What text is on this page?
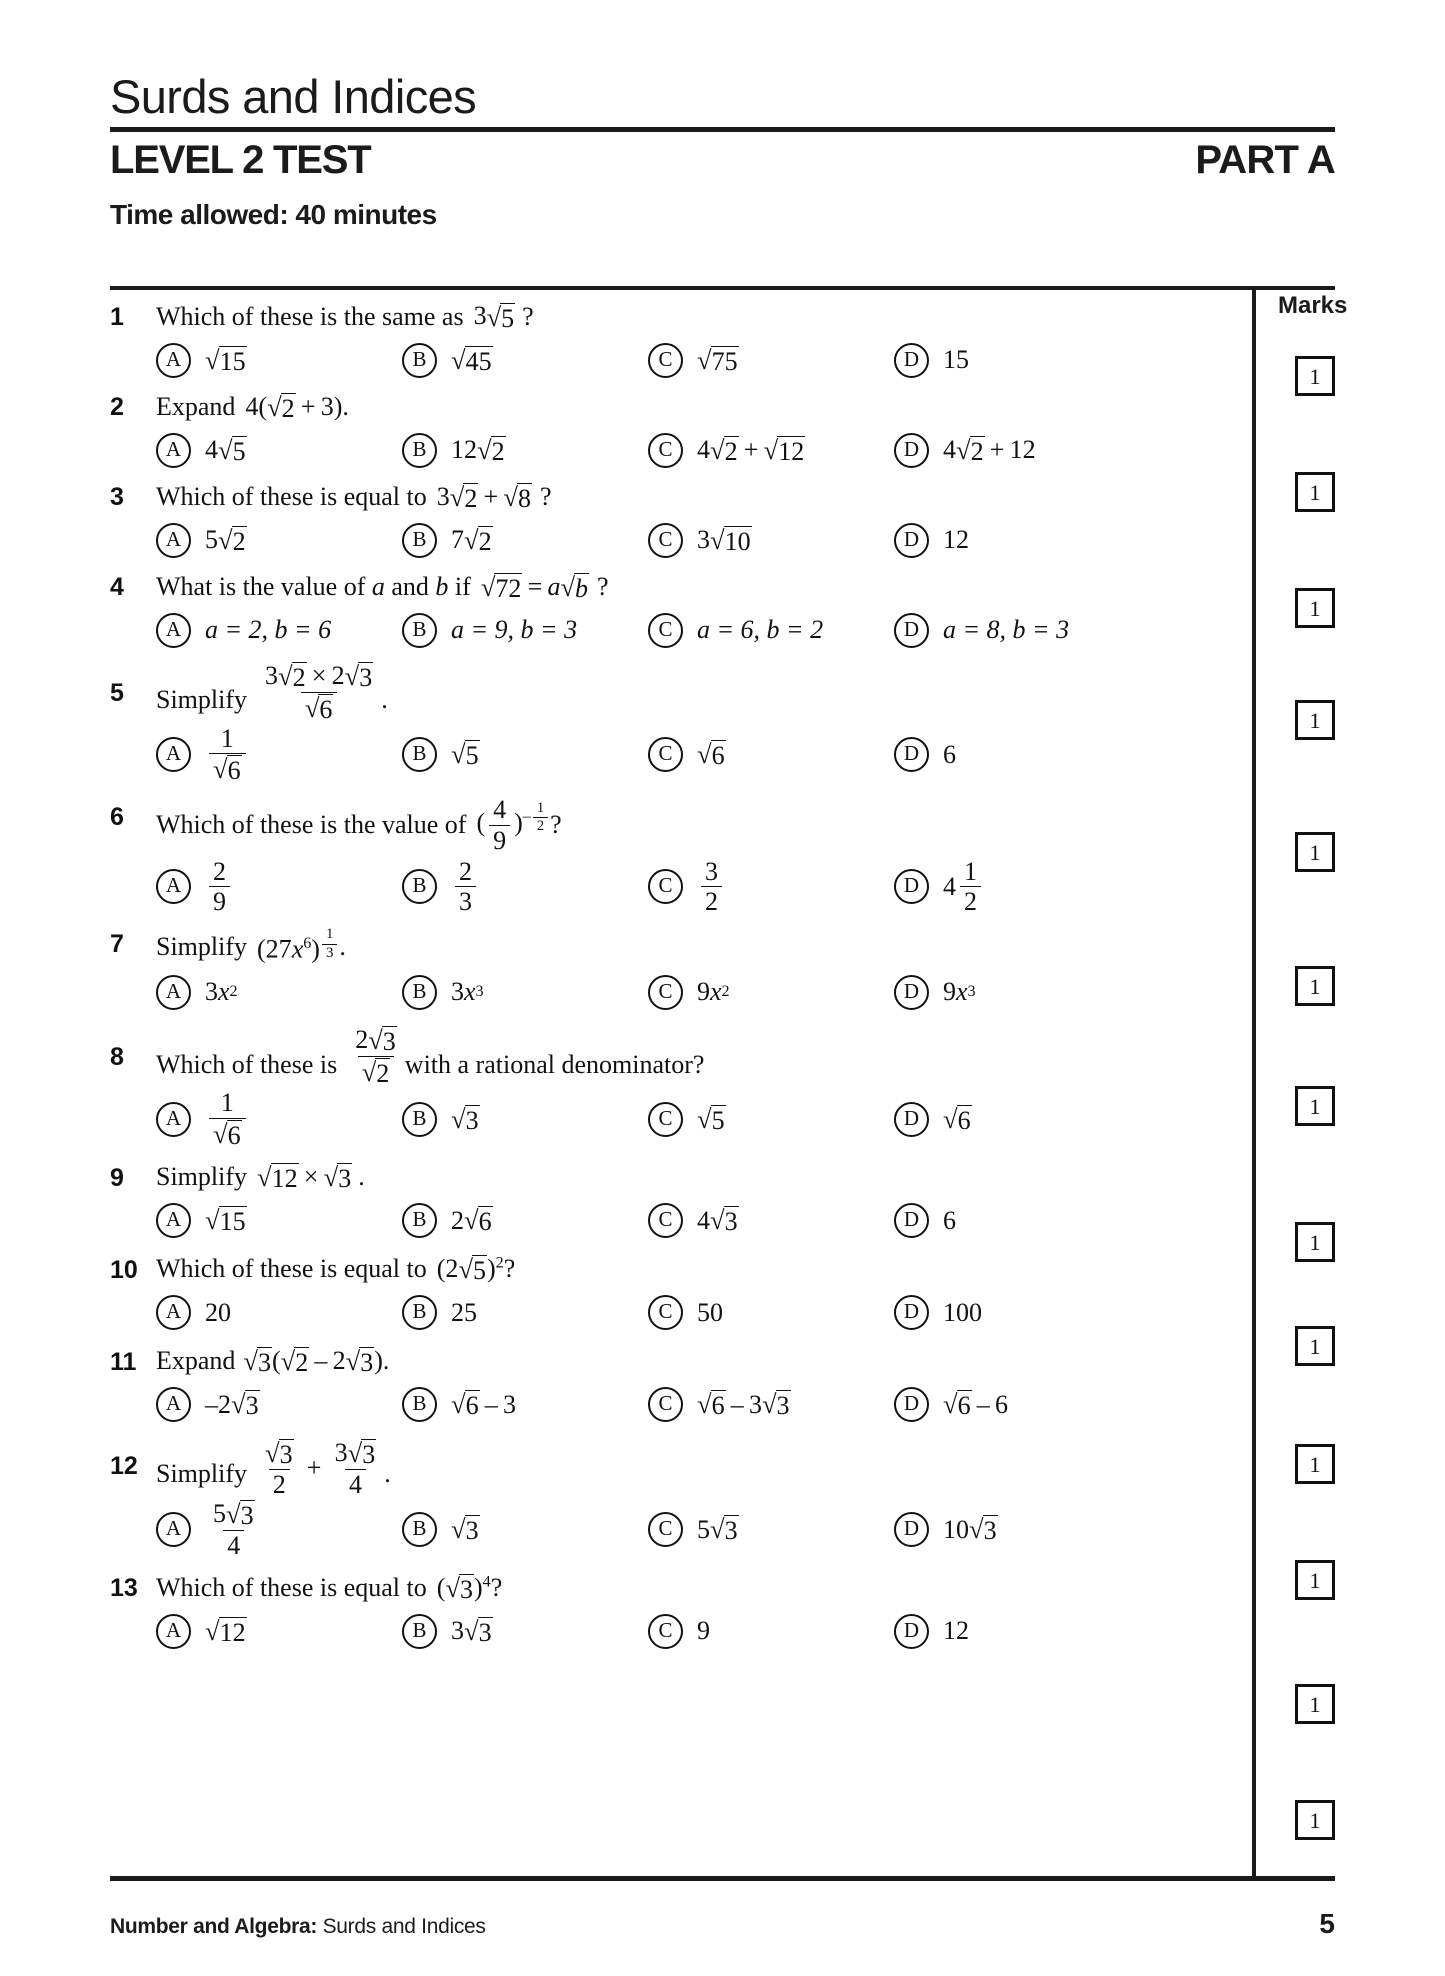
Surds and Indices
LEVEL 2 TEST	PART A
Time allowed: 40 minutes
Marks
1	Which of these is the same as 3 √ 5 ?
A √ 15	B √ 45	C √ 75	D 15
2	Expand 4( √ 2  + 3) .
A 4 √ 5	B 12 √ 2	C 4 √ 2  +  √ 12	D 4 √ 2  + 12
3	Which of these is equal to 3 √ 2  +  √ 8 ?
A 5 √ 2	B 7 √ 2	C 3 √ 10	D 12
4	What is the value of a and b if √ 72  = a √ b ?
A a = 2, b = 6	B a = 9, b = 3	C a = 6, b = 2	D a = 8, b = 3
5	Simplify $\frac{3 √ 2 \times 2 √ 3}{√ 6}$ .
A	$\frac{1}{√ 6}$	B √ 5	C √ 6	D 6
6	Which of these is the value of ( $\frac{4}{9} )^{- \frac{1}{2}}$ ?
A	$\frac{2}{9}$	B	$\frac{2}{3}$	C	$\frac{3}{2}$	D $4 \frac{1}{2}$
7	Simplify $(27x^6)$ $^{\frac{1}{3}}$ .
A 3 x 2	B 3 x 3	C 9 x 2	D 9 x 3
8	Which of these is $\frac{2 √ 3}{√ 2}$ with a rational denominator?
A	$\frac{1}{√ 6}$	B √ 3	C √ 5	D √ 6
9	Simplify √ 12  ×  √ 3 .
A √ 15	B 2 √ 6	C 4 √ 3	D 6
10 Which of these is equal to (2 √ 5 )$^2$ ?
A 20	B 25	C 50	D 100
11 Expand √ 3 ( √ 2  – 2 √ 3 ) .
A –2 √ 3	B √ 6  – 3	C √ 6  – 3 √ 3	D √ 6  – 6
12 Simplify $\frac{√ 3}{2} + \frac{3 √ 3}{4}$ .
A	$\frac{5 √ 3}{4}$	B √ 3	C 5 √ 3	D 10 √ 3
13 Which of these is equal to ( √ 3 )$^4$ ?
A √ 12	B 3 √ 3	C 9	D 12
1
1
1
1
1
1
1
1
1
1
1
1
1
Number and Algebra: Surds and Indices	5
